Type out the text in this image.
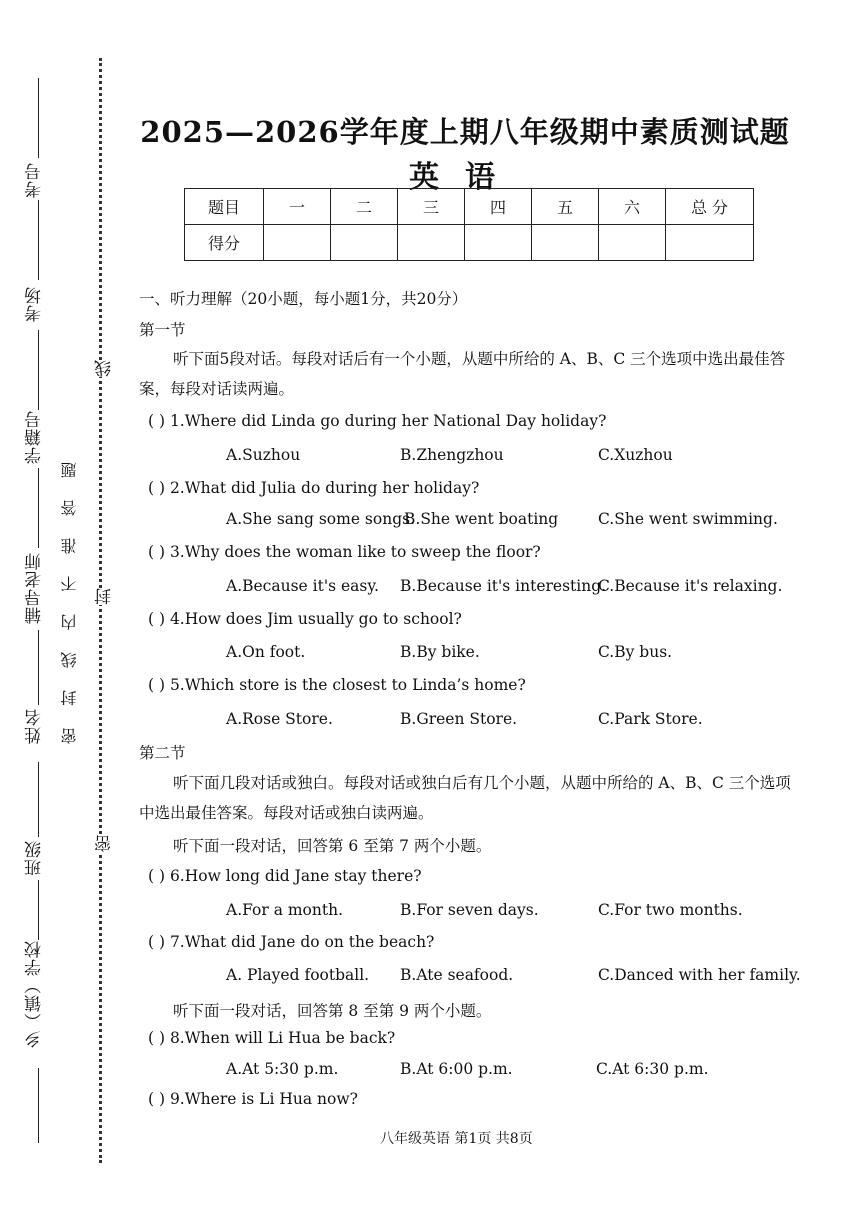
考号
考场
学籍号
辅导老师
姓名
班级
乡（镇）学校
密封线内不准答题
线
封
密
2025—2026学年度上期八年级期中素质测试题
英语
题目	一	二	三	四	五	六	总 分
得分							
一、听力理解（20小题，每小题1分，共20分）
第一节
听下面5段对话。每段对话后有一个小题，从题中所给的 A、B、C 三个选项中选出最佳答案，每段对话读两遍。
( ) 1.Where did Linda go during her National Day holiday?
A.Suzhou	B.Zhengzhou	C.Xuzhou
( ) 2.What did Julia do during her holiday?
A.She sang some songs.
B.She went boating	C.She went swimming.
( ) 3.Why does the woman like to sweep the floor?
A.Because it's easy. B.Because it's interesting.
C.Because it's relaxing.
( ) 4.How does Jim usually go to school?
A.On foot.	B.By bike.	C.By bus.
( ) 5.Which store is the closest to Linda’s home?
A.Rose Store.	B.Green Store.	C.Park Store.
第二节
听下面几段对话或独白。每段对话或独白后有几个小题，从题中所给的 A、B、C 三个选项中选出最佳答案。每段对话或独白读两遍。
听下面一段对话，回答第 6 至第 7 两个小题。
( ) 6.How long did Jane stay there?
A.For a month.	B.For seven days.	C.For two months.
( ) 7.What did Jane do on the beach?
A. Played football. B.Ate seafood.	C.Danced with her family.
听下面一段对话，回答第 8 至第 9 两个小题。
( ) 8.When will Li Hua be back?
A.At 5:30 p.m.	B.At 6:00 p.m.	C.At 6:30 p.m.
( ) 9.Where is Li Hua now?
八年级英语 第1页 共8页
